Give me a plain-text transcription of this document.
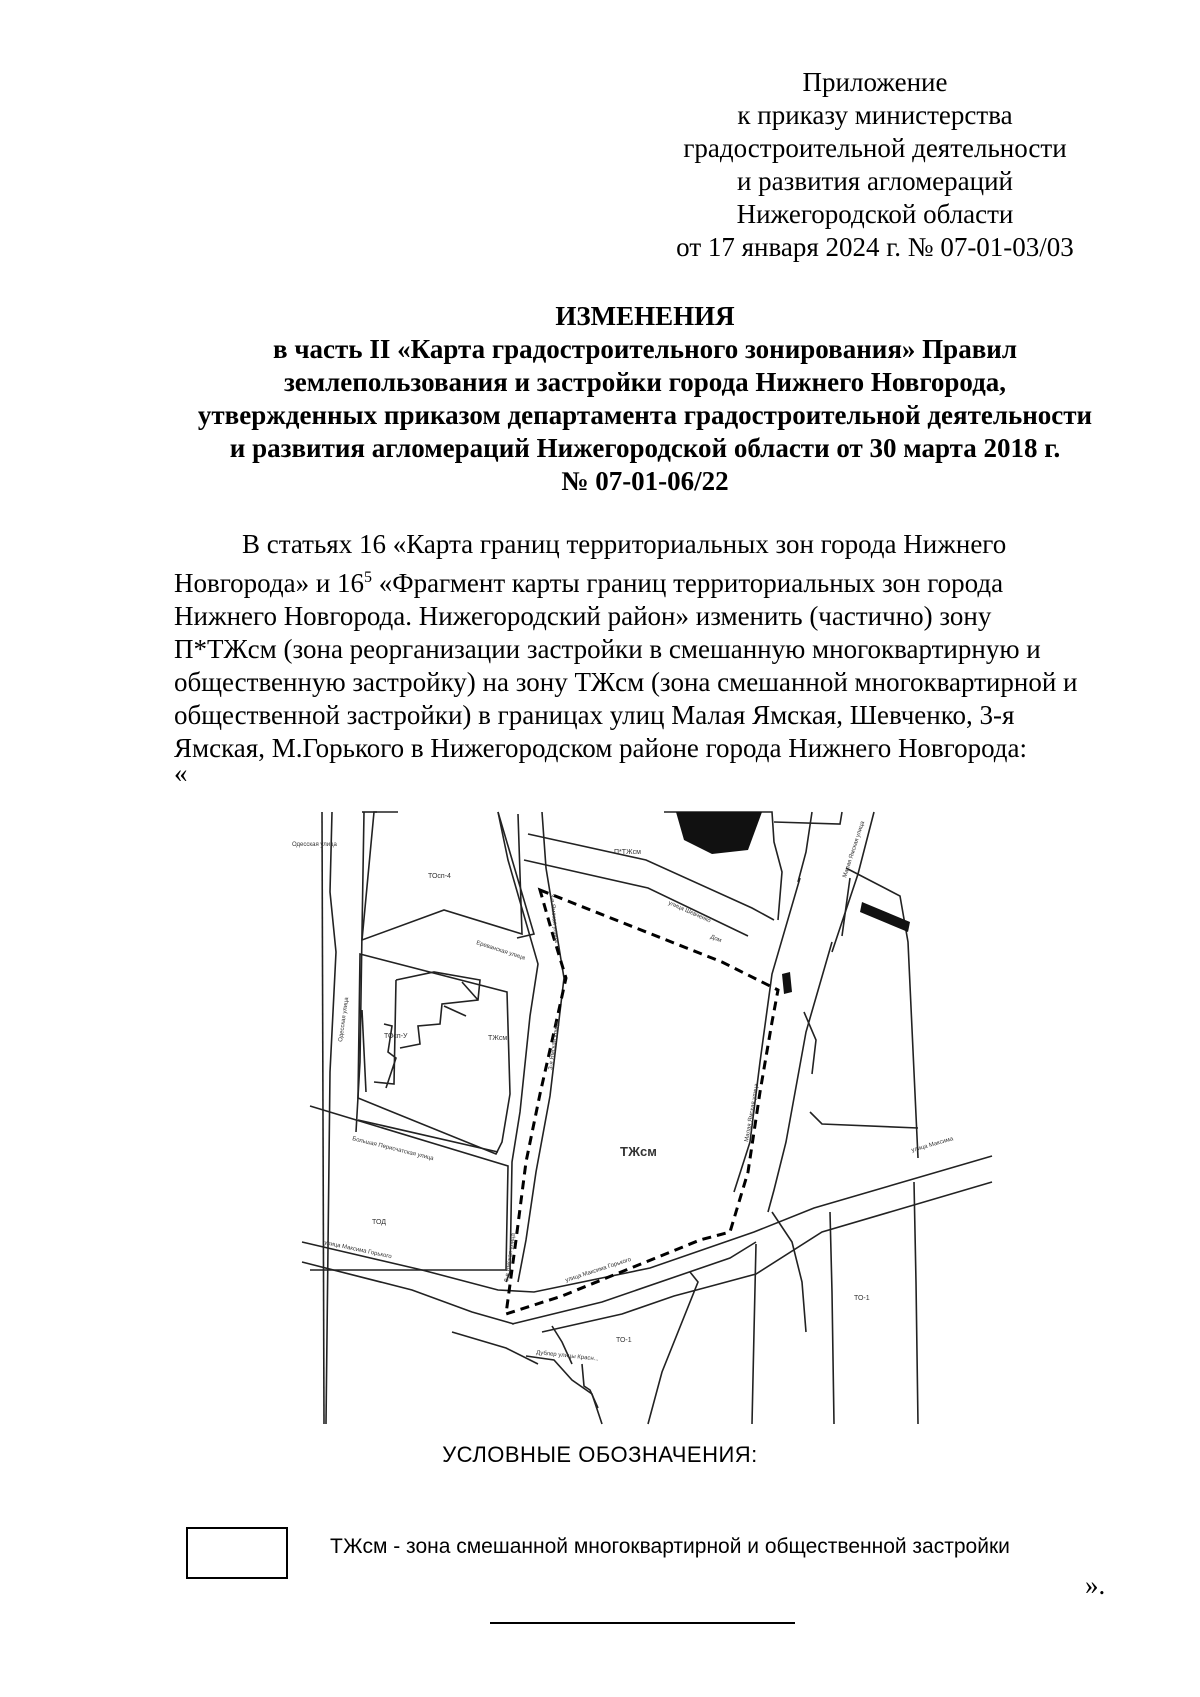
Приложение
к приказу министерства
градостроительной деятельности
и развития агломераций
Нижегородской области
от 17 января 2024 г. № 07-01-03/03
ИЗМЕНЕНИЯ
в часть II «Карта градостроительного зонирования» Правил
землепользования и застройки города Нижнего Новгорода,
утвержденных приказом департамента градостроительной деятельности
и развития агломераций Нижегородской области от 30 марта 2018 г.
№ 07-01-06/22
В статьях 16 «Карта границ территориальных зон города Нижнего
Новгорода» и $16^5$ «Фрагмент карты границ территориальных зон города
Нижнего Новгорода. Нижегородский район» изменить (частично) зону
П*ТЖсм (зона реорганизации застройки в смешанную многоквартирную и
общественную застройку) на зону ТЖсм (зона смешанной многоквартирной и
общественной застройки) в границах улиц Малая Ямская, Шевченко, 3-я
Ямская, М.Горького в Нижегородском районе города Нижнего Новгорода:
«
ТЖсм
П*ТЖсм
ТОсп-4
ТОсп-У	ТЖсм
ТОД
ТО-1
ТО-1
Одесская улица
Ереванская улица
Одесская улица
Большая Перисчатская улица
улица Максима Горького
улица Максима Горького
Дублер улицы Красн...
3-я Ямская улица
3-я Ямская улица
3-я Ямская улица
улица Шевченко
Малая Ямская улица
Малая Ямская улица
улица Максима
Дом
УСЛОВНЫЕ ОБОЗНАЧЕНИЯ:
ТЖсм - зона смешанной многоквартирной и общественной застройки
».
